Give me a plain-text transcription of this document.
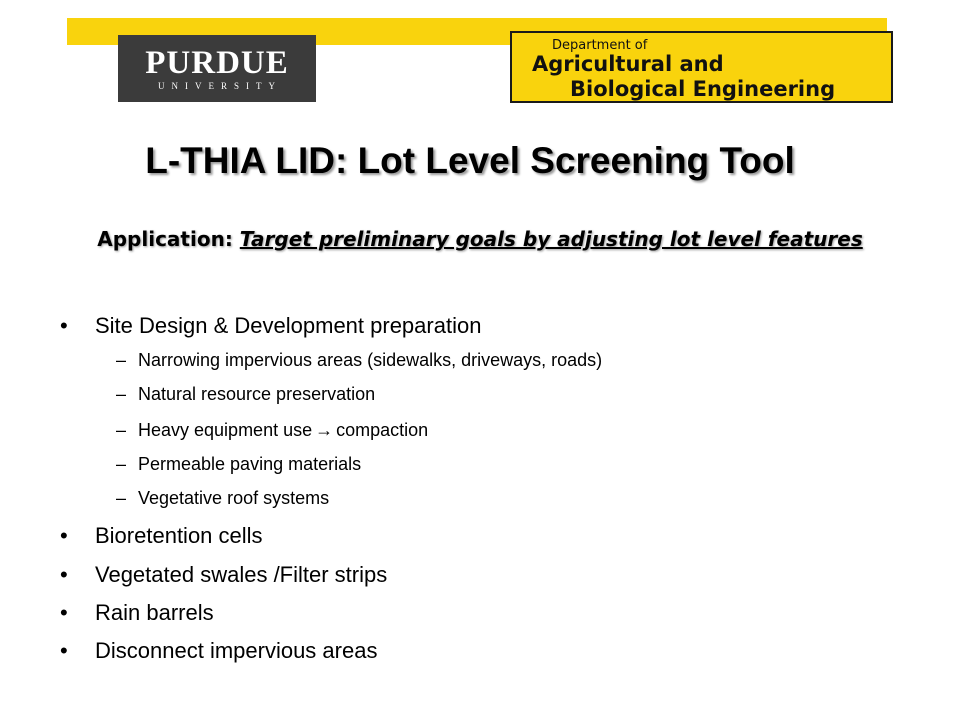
PURDUE
UNIVERSITY
Department of
Agricultural and
Biological Engineering
L-THIA LID: Lot Level Screening Tool
Application: Target preliminary goals by adjusting lot level features
•	Site Design & Development preparation
– Narrowing impervious areas (sidewalks, driveways, roads)
– Natural resource preservation
– Heavy equipment use → compaction
– Permeable paving materials
– Vegetative roof systems
•	Bioretention cells
•	Vegetated swales /Filter strips
•	Rain barrels
•	Disconnect impervious areas
